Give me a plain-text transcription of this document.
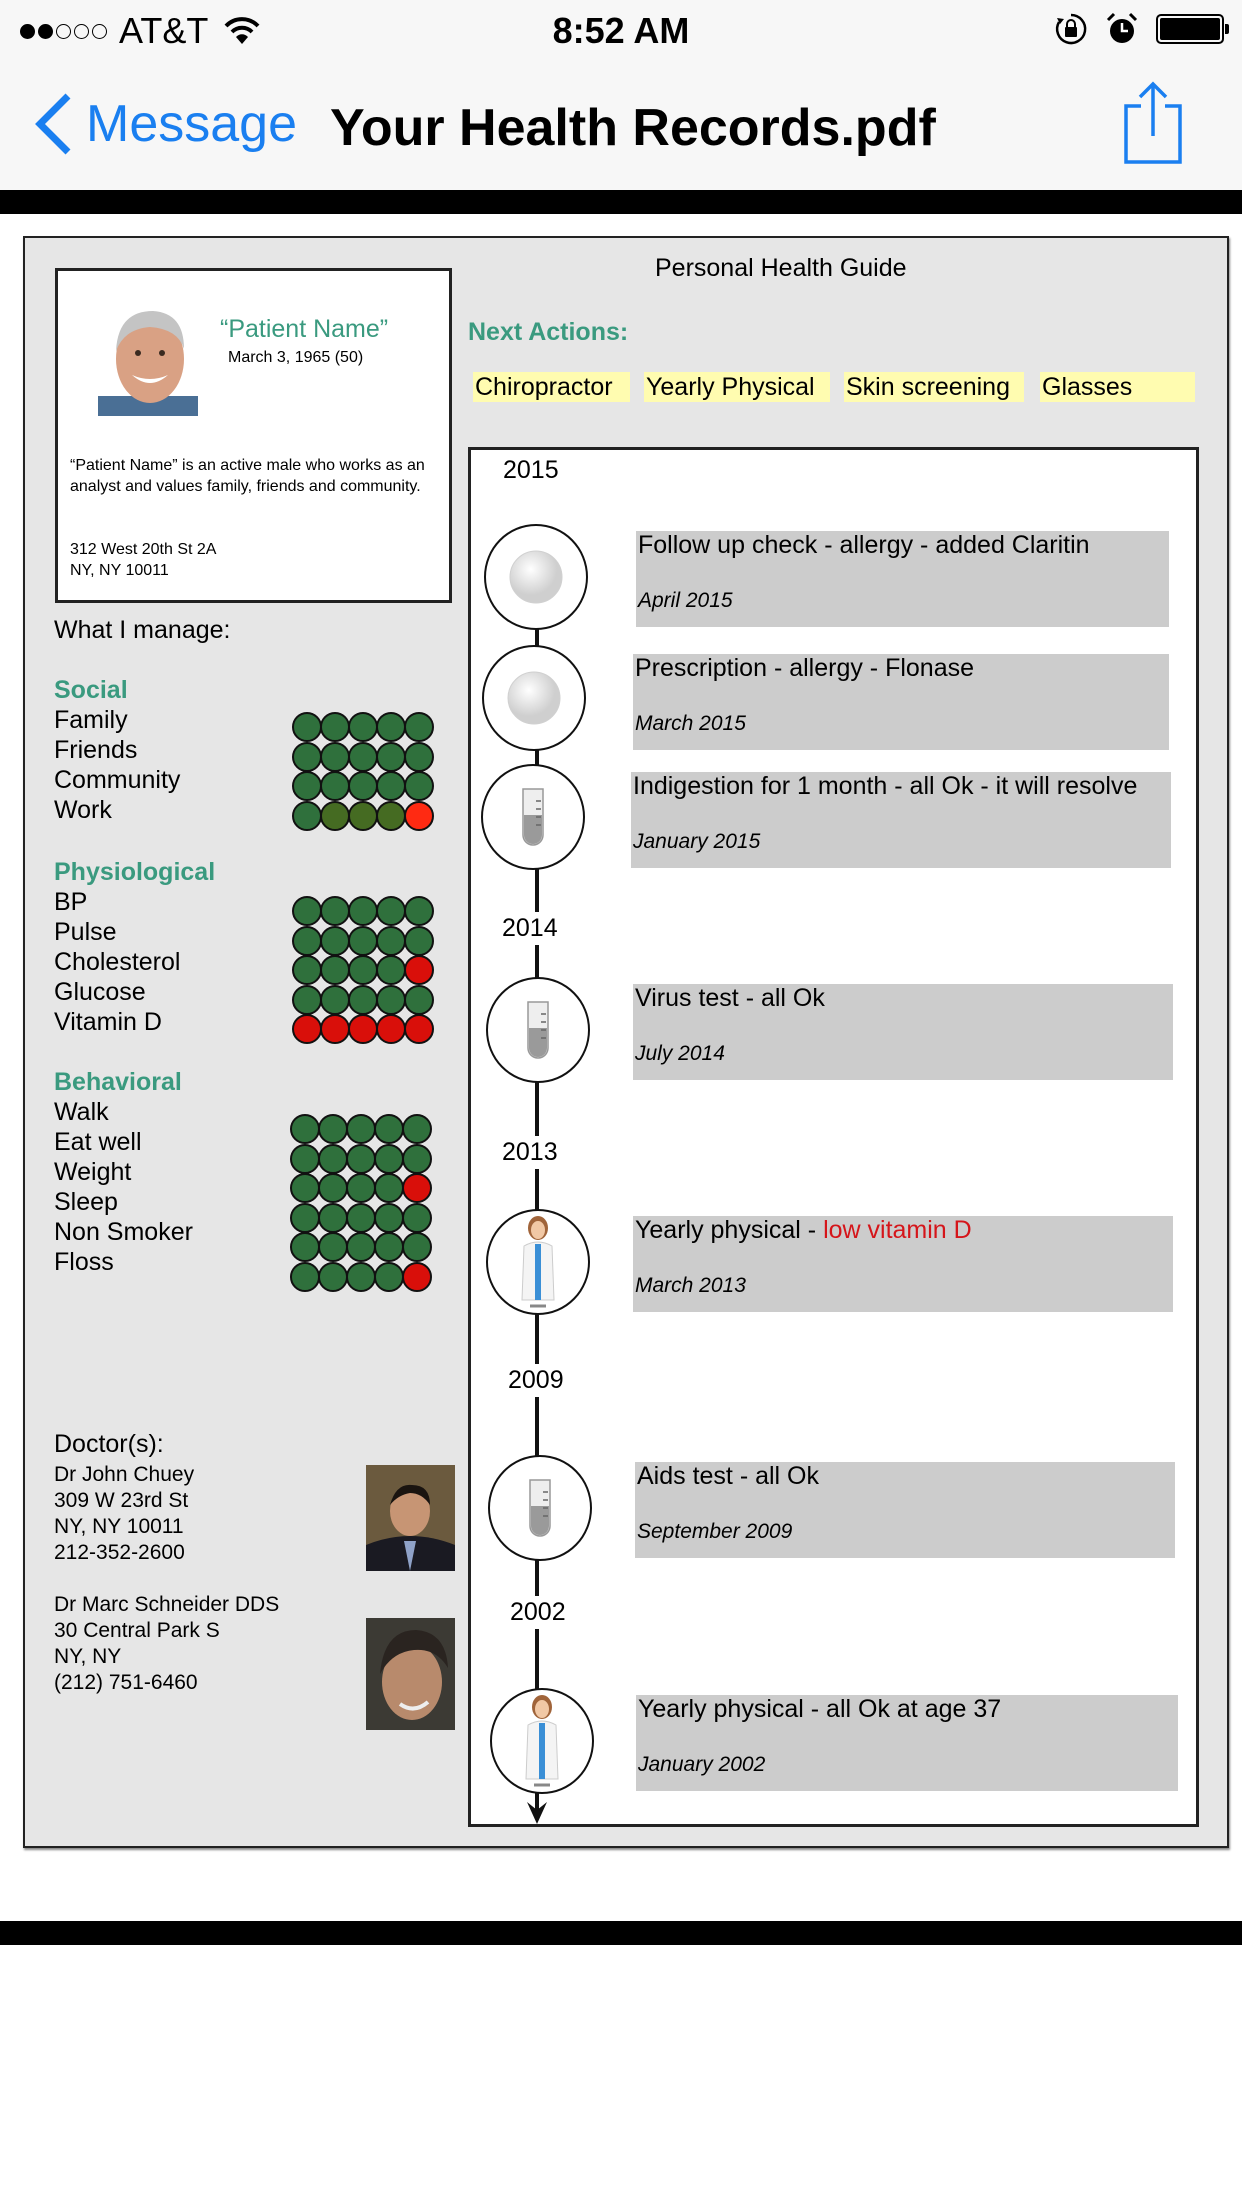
AT&T	8:52 AM
Message Your Health Records.pdf
“Patient Name”
March 3, 1965 (50)
“Patient Name” is an active male who works as an analyst and values family, friends and community.
312 West 20th St 2A
NY, NY 10011
What I manage:
Social
Family
Friends
Community
Work
Physiological
BP
Pulse
Cholesterol
Glucose
Vitamin D
Behavioral
Walk
Eat well
Weight
Sleep
Non Smoker
Floss
Doctor(s):
Dr John Chuey
309 W 23rd St
NY, NY 10011
212-352-2600
Dr Marc Schneider DDS
30 Central Park S
NY, NY
(212) 751-6460
Personal Health Guide
Next Actions:
Chiropractor	Yearly Physical	Skin screening	Glasses
2015
2014
2013
2009
2002
Follow up check - allergy - added Claritin
April 2015
Prescription - allergy - Flonase
March 2015
Indigestion for 1 month - all Ok - it will resolve
January 2015
Virus test - all Ok
July 2014
Yearly physical - low vitamin D
March 2013
Aids test - all Ok
September 2009
Yearly physical - all Ok at age 37
January 2002
